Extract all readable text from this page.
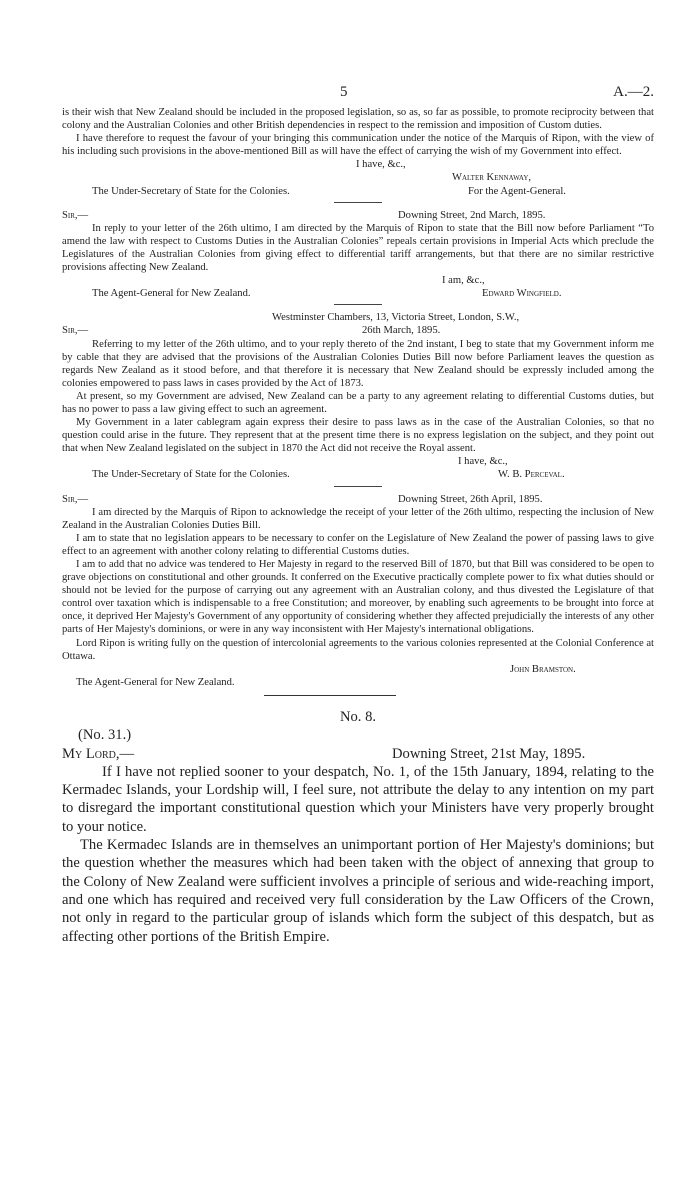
5	A.—2.

is their wish that New Zealand should be included in the proposed legislation, so as, so far as possible, to promote reciprocity between that colony and the Australian Colonies and other British dependencies in respect to the remission and imposition of Custom duties.

I have therefore to request the favour of your bringing this communication under the notice of the Marquis of Ripon, with the view of his including such provisions in the above-mentioned Bill as will have the effect of carrying the wish of my Government into effect.

I have, &c.,
Walter Kennaway,
The Under-Secretary of State for the Colonies.	For the Agent-General.
Sir,—	Downing Street, 2nd March, 1895.

In reply to your letter of the 26th ultimo, I am directed by the Marquis of Ripon to state that the Bill now before Parliament “To amend the law with respect to Customs Duties in the Australian Colonies” repeals certain provisions in Imperial Acts which preclude the Legislatures of the Australian Colonies from giving effect to differential tariff arrangements, but that there are no similar restrictive provisions affecting New Zealand.

I am, &c.,
The Agent-General for New Zealand.	Edward Wingfield.
Westminster Chambers, 13, Victoria Street, London, S.W.,
Sir,—	26th March, 1895.

Referring to my letter of the 26th ultimo, and to your reply thereto of the 2nd instant, I beg to state that my Government inform me by cable that they are advised that the provisions of the Australian Colonies Duties Bill now before Parliament leaves the question as regards New Zealand as it stood before, and that therefore it is necessary that New Zealand should be expressly included among the colonies empowered to pass laws in cases provided by the Act of 1873.

At present, so my Government are advised, New Zealand can be a party to any agreement relating to differential Customs duties, but has no power to pass a law giving effect to such an agreement.

My Government in a later cablegram again express their desire to pass laws as in the case of the Australian Colonies, so that no question could arise in the future. They represent that at the present time there is no express legislation on the subject, and they point out that when New Zealand legislated on the subject in 1870 the Act did not receive the Royal assent.

I have, &c.,
The Under-Secretary of State for the Colonies.	W. B. Perceval.
Sir,—	Downing Street, 26th April, 1895.

I am directed by the Marquis of Ripon to acknowledge the receipt of your letter of the 26th ultimo, respecting the inclusion of New Zealand in the Australian Colonies Duties Bill.

I am to state that no legislation appears to be necessary to confer on the Legislature of New Zealand the power of passing laws to give effect to an agreement with another colony relating to differential Customs duties.

I am to add that no advice was tendered to Her Majesty in regard to the reserved Bill of 1870, but that Bill was considered to be open to grave objections on constitutional and other grounds. It conferred on the Executive practically complete power to fix what duties should or should not be levied for the purpose of carrying out any agreement with an Australian colony, and thus divested the Legislature of that control over taxation which is indispensable to a free Constitution; and moreover, by enabling such agreements to be brought into force at once, it deprived Her Majesty's Government of any opportunity of considering whether they affected prejudicially the interests of any other parts of Her Majesty's dominions, or were in any way inconsistent with Her Majesty's international obligations.

Lord Ripon is writing fully on the question of intercolonial agreements to the various colonies represented at the Colonial Conference at Ottawa.

John Bramston.
The Agent-General for New Zealand.
No. 8.
(No. 31.)
My Lord,—	Downing Street, 21st May, 1895.

If I have not replied sooner to your despatch, No. 1, of the 15th January, 1894, relating to the Kermadec Islands, your Lordship will, I feel sure, not attribute the delay to any intention on my part to disregard the important constitutional question which your Ministers have very properly brought to your notice.

The Kermadec Islands are in themselves an unimportant portion of Her Majesty's dominions; but the question whether the measures which had been taken with the object of annexing that group to the Colony of New Zealand were sufficient involves a principle of serious and wide-reaching import, and one which has required and received very full consideration by the Law Officers of the Crown, not only in regard to the particular group of islands which form the subject of this despatch, but as affecting other portions of the British Empire.
